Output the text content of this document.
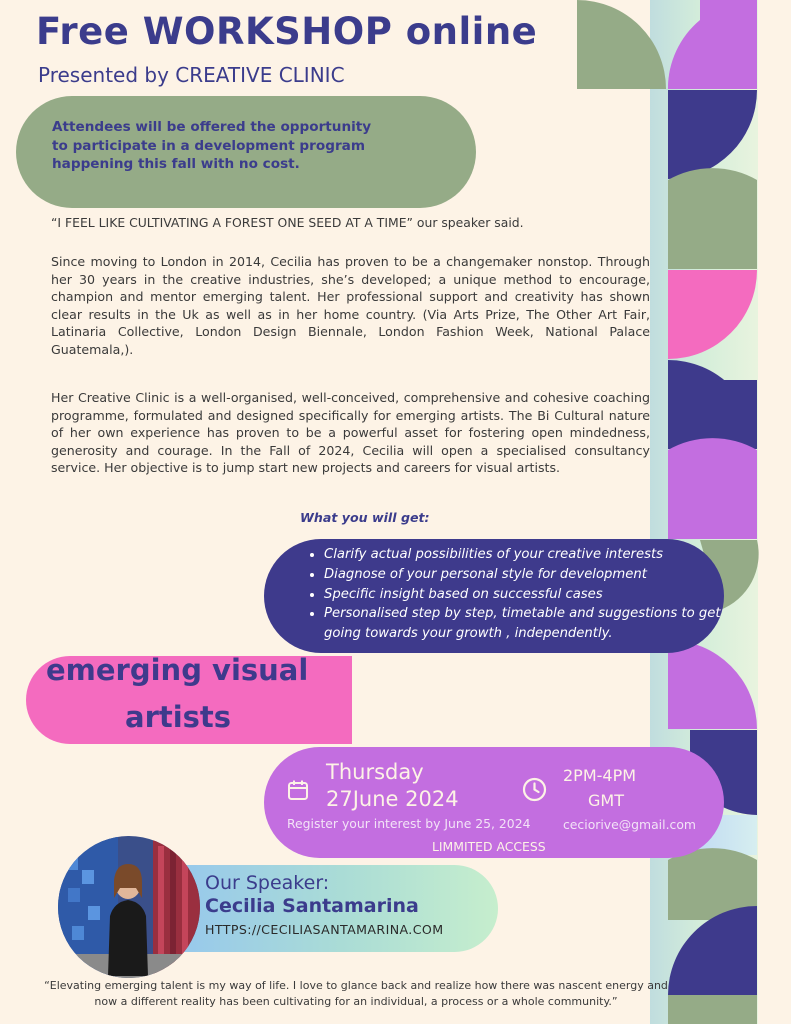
Free WORKSHOP online
Presented by CREATIVE CLINIC
Attendees will be offered the opportunity to participate in a development program happening this fall with no cost.
“I FEEL LIKE CULTIVATING A FOREST ONE SEED AT A TIME” our speaker said.
Since moving to London in 2014, Cecilia has proven to be a changemaker nonstop. Through her 30 years in the creative industries, she’s developed; a unique method to encourage, champion and mentor emerging talent. Her professional support and creativity has shown clear results in the Uk as well as in her home country. (Via Arts Prize, The Other Art Fair, Latinaria Collective, London Design Biennale, London Fashion Week, National Palace Guatemala,).
Her Creative Clinic is a well-organised, well-conceived, comprehensive and cohesive coaching programme, formulated and designed specifically for emerging artists. The Bi Cultural nature of her own experience has proven to be a powerful asset for fostering open mindedness, generosity and courage. In the Fall of 2024, Cecilia will open a specialised consultancy service. Her objective is to jump start new projects and careers for visual artists.
What you will get:
• Clarify actual possibilities of your creative interests
• Diagnose of your personal style for development
• Specific insight based on successful cases
• Personalised step by step, timetable and suggestions to get going towards your growth , independently.
emerging visual
artists
Thursday
27June 2024
2PM-4PM
GMT
Register your interest by June 25, 2024	ceciorive@gmail.com
LIMMITED ACCESS
Our Speaker:
Cecilia Santamarina
HTTPS://CECILIASANTAMARINA.COM
“Elevating emerging talent is my way of life. I love to glance back and realize how there was nascent energy and now a different reality has been cultivating for an individual, a process or a whole community.”
